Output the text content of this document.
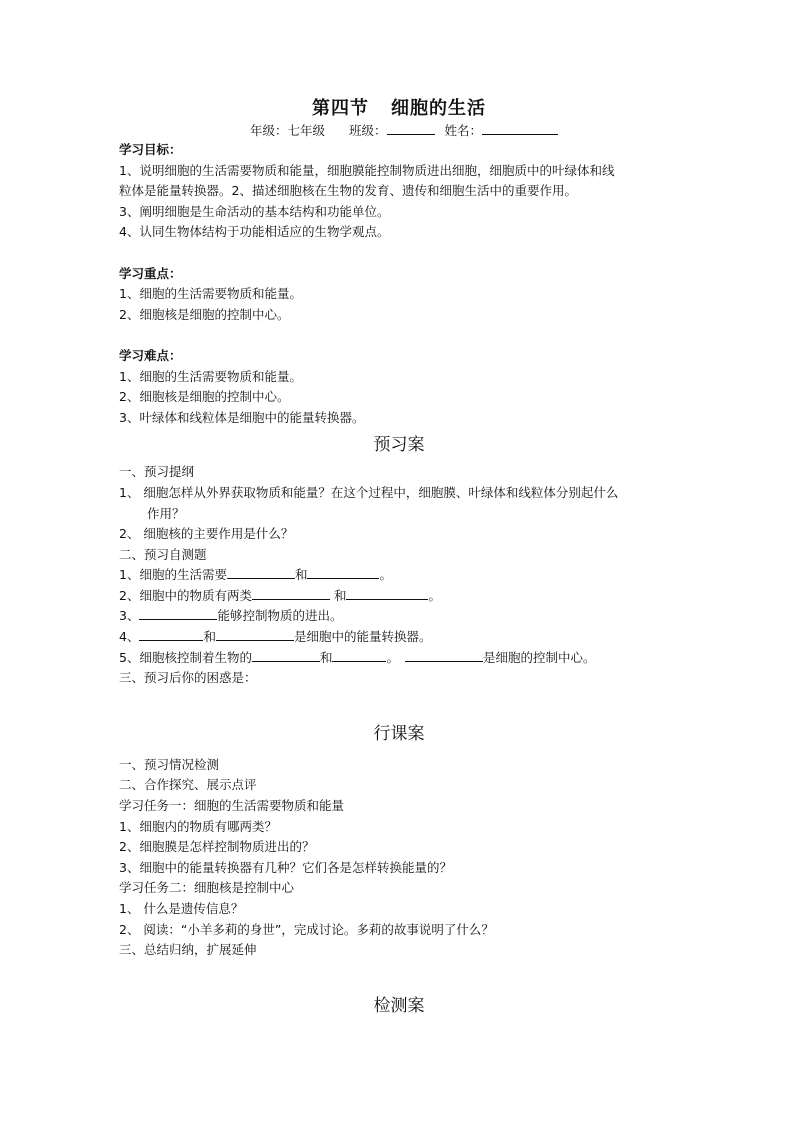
第四节 细胞的生活

年级：七年级 班级：	姓名：

学习目标：

1、说明细胞的生活需要物质和能量，细胞膜能控制物质进出细胞，细胞质中的叶绿体和线

粒体是能量转换器。2、描述细胞核在生物的发育、遗传和细胞生活中的重要作用。

3、阐明细胞是生命活动的基本结构和功能单位。

4、认同生物体结构于功能相适应的生物学观点。

学习重点：

1、细胞的生活需要物质和能量。

2、细胞核是细胞的控制中心。

学习难点：

1、细胞的生活需要物质和能量。

2、细胞核是细胞的控制中心。

3、叶绿体和线粒体是细胞中的能量转换器。

预习案

一、预习提纲

1、 细胞怎样从外界获取物质和能量？在这个过程中，细胞膜、叶绿体和线粒体分别起什么

作用？

2、 细胞核的主要作用是什么？

二、预习自测题

1、细胞的生活需要	和	。

2、细胞中的物质有两类	和	。

3、	能够控制物质的进出。

4、	和	是细胞中的能量转换器。

5、细胞核控制着生物的	和	。	是细胞的控制中心。

三、预习后你的困惑是：

行课案

一、预习情况检测

二、合作探究、展示点评

学习任务一：细胞的生活需要物质和能量

1、细胞内的物质有哪两类？

2、细胞膜是怎样控制物质进出的？

3、细胞中的能量转换器有几种？它们各是怎样转换能量的？

学习任务二：细胞核是控制中心

1、 什么是遗传信息？

2、 阅读：“小羊多莉的身世”，完成讨论。多莉的故事说明了什么？

三、总结归纳，扩展延伸

检测案
